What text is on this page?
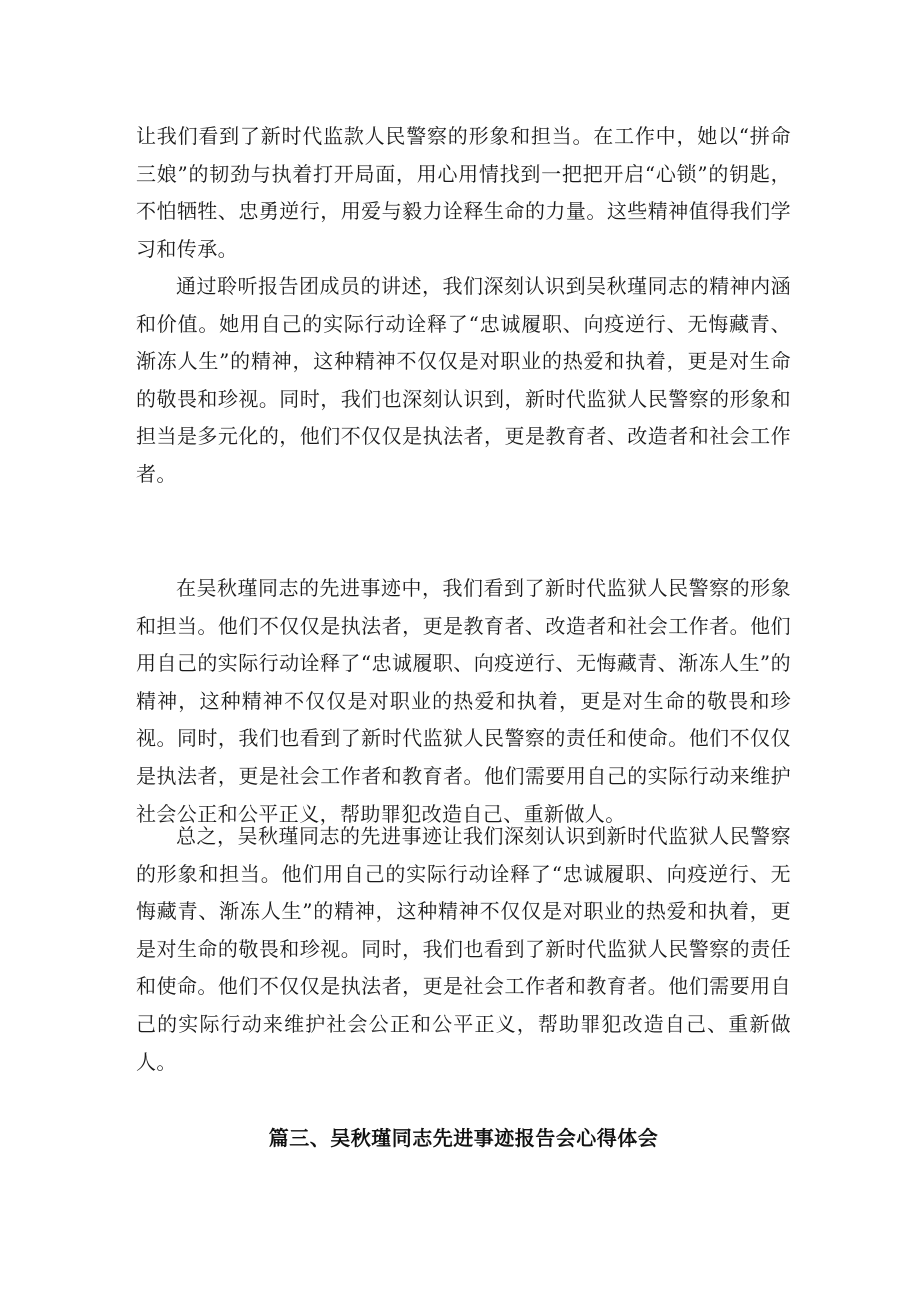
让我们看到了新时代监款人民警察的形象和担当。在工作中，她以“拼命三娘”的韧劲与执着打开局面，用心用情找到一把把开启“心锁”的钥匙，不怕牺牲、忠勇逆行，用爱与毅力诠释生命的力量。这些精神值得我们学习和传承。

通过聆听报告团成员的讲述，我们深刻认识到吴秋瑾同志的精神内涵和价值。她用自己的实际行动诠释了“忠诚履职、向疫逆行、无悔藏青、渐冻人生”的精神，这种精神不仅仅是对职业的热爱和执着，更是对生命的敬畏和珍视。同时，我们也深刻认识到，新时代监狱人民警察的形象和担当是多元化的，他们不仅仅是执法者，更是教育者、改造者和社会工作者。

在吴秋瑾同志的先进事迹中，我们看到了新时代监狱人民警察的形象和担当。他们不仅仅是执法者，更是教育者、改造者和社会工作者。他们用自己的实际行动诠释了“忠诚履职、向疫逆行、无悔藏青、渐冻人生”的精神，这种精神不仅仅是对职业的热爱和执着，更是对生命的敬畏和珍视。同时，我们也看到了新时代监狱人民警察的责任和使命。他们不仅仅是执法者，更是社会工作者和教育者。他们需要用自己的实际行动来维护社会公正和公平正义，帮助罪犯改造自己、重新做人。

总之，吴秋瑾同志的先进事迹让我们深刻认识到新时代监狱人民警察的形象和担当。他们用自己的实际行动诠释了“忠诚履职、向疫逆行、无悔藏青、渐冻人生”的精神，这种精神不仅仅是对职业的热爱和执着，更是对生命的敬畏和珍视。同时，我们也看到了新时代监狱人民警察的责任和使命。他们不仅仅是执法者，更是社会工作者和教育者。他们需要用自己的实际行动来维护社会公正和公平正义，帮助罪犯改造自己、重新做人。

篇三、吴秋瑾同志先进事迹报告会心得体会
